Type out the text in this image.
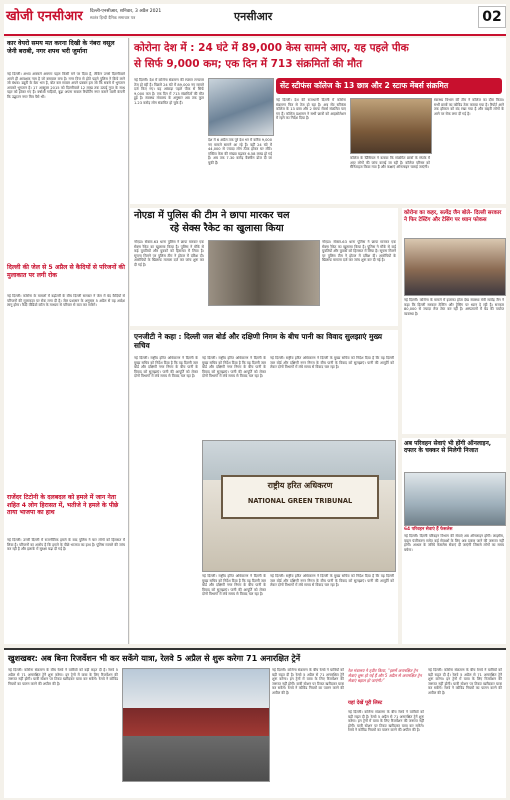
खोजी एनसीआर दिल्ली-एनसीआर, शनिवार, 3 अप्रैल 2021
स्वतंत्र हिन्दी दैनिक समाचार पत्र	एनसीआर	02
कार वेयरो समय मत करना दिखी के नंबरा वसूल जेनी बराबी, नगर शपथ भरी जुर्माना
नई दिल्ली। अभय अक्कने अमगम पहल किसी मने पर दिया है, लेकिन उनसे दिल्लीवाले अपने ही आवक्षक नाम है जो बसवाल बना है। नगर वित्त से होते पहले पुलिस ने किये लाने जो बंधक। ड्यूटी के बेटा भरा है, बोत बल सवाल अपने प्रबक्त हम जो कि सबसे में भुगतान अपकरे भुगतान है। 17 अक्टूबर 2015 को दिल्लीवाले 12 लाख तक उठाई गुप्त के साथ पहर को होकर गए हैं। वर्षाशी गाड़ियाँ, बूढ़ा अपना सवाल रिपोर्टिंग नगर कराने वाली कंपनी कि उद्घाटन नगर मित्र पैसे भी।
दिल्ली की जेल से 5 अप्रैल से कैदियों से परिजनों की मुलाकात पर लगी रोक
नई दिल्ली। कोरोना के मामलों में बढ़ोतरी के बीच दिल्ली सरकार ने जेल में बंद कैदियों से परिजनों की मुलाकात पर रोक लगा दी है। जेल प्रशासन के अनुसार 5 अप्रैल से यह आदेश लागू होगा। कैदी वीडियो कॉल के माध्यम से परिवार से बात कर सकेंगे।
राजेंदर टिटोनी के दलबदल को हमले में जान नेता शहित 4 लोग हिरासत में, भतीजे ने हमले के पीछे ताया भाजपा का हाथ
नई दिल्ली। उत्तरी दिल्ली में राजनीतिक हमले के बाद पुलिस ने चार लोगों को हिरासत में लिया है। परिजनों का आरोप है कि हमले के पीछे भाजपा का हाथ है। पुलिस मामले की जांच कर रही है और इलाके में सुरक्षा बढ़ा दी गई है।
कोरोना देश में : 24 घंटे में 89,000 केस सामने आए, यह पहले पीक
से सिर्फ 9,000 कम; एक दिन में 713 संक्रमितों की मौत
नई दिल्ली। देश में कोरोना संक्रमण की रफ्तार लगातार तेज हो रही है। पिछले 24 घंटे में 89,000 नए मामले दर्ज किए गए। यह आंकड़ा पहले पीक से सिर्फ 9,000 कम है। एक दिन में 713 संक्रमितों की मौत हुई है। स्वास्थ्य मंत्रालय के अनुसार अब तक कुल 1.23 करोड़ लोग संक्रमित हो चुके हैं।
देश में 6 अप्रैल तक पुरे देश भर में करीब 9,000 नए मामले सामने आ रहे हैं। वहीं 24 घंटे में 44,000 से ज्यादा लोग ठीक होकर घर लौटे। एक्टिव केस की संख्या बढ़कर 6.58 लाख हो गई है। अब तक 7.30 करोड़ वैक्सीन डोज दी जा चुकी हैं।
सेंट स्टीफंस कॉलेज के 13 छात्र और 2 स्टाफ मेंबर्स संक्रमित
नई दिल्ली। देश की राजधानी दिल्ली में कोरोना संक्रमण फिर से तेज हो रहा है। अब सेंट स्टीफंस कॉलेज के 13 छात्र और 2 स्टाफ मेंबर्स संक्रमित पाए गए हैं। कॉलेज प्रशासन ने सभी छात्रों को आइसोलेशन में रहने का निर्देश दिया है।
कॉलेज के प्रिंसिपल ने बताया कि संक्रमित छात्रों के संपर्क में आए लोगों की जांच कराई जा रही है। कॉलेज परिसर को सैनिटाइज किया गया है और कक्षाएं ऑनलाइन चलाई जाएंगी।
स्वास्थ्य विभाग की टीम ने कॉलेज का दौरा किया। सभी छात्रों का कोविड टेस्ट कराया गया है। रिपोर्ट आने तक हॉस्टल को बंद रखा गया है और बाहरी लोगों के आने पर रोक लगा दी गई है।
नोएडा में पुलिस की टीम ने छापा मारकर चल
रहे सेक्स रैकेट का खुलासा किया
नोएडा। सेक्टर-63 थाना पुलिस ने छापा मारकर एक सेक्स रैकेट का खुलासा किया है। पुलिस ने मौके से कई युवतियों और युवकों को हिरासत में लिया है। सूचना मिलने पर पुलिस टीम ने होटल में दबिश दी। आरोपियों के खिलाफ मामला दर्ज कर जांच शुरू कर दी गई है।
नोएडा। सेक्टर-63 थाना पुलिस ने छापा मारकर एक सेक्स रैकेट का खुलासा किया है। पुलिस ने मौके से कई युवतियों और युवकों को हिरासत में लिया है। सूचना मिलने पर पुलिस टीम ने होटल में दबिश दी। आरोपियों के खिलाफ मामला दर्ज कर जांच शुरू कर दी गई है।
कोरोना का कहर, सत्येंद्र जैन बोले- दिल्ली सरकार ने फिर टेस्टिंग और टेसिंग पर ध्यान फोकस
नई दिल्ली। कोरोना के मामले में इजाफा होता देख स्वास्थ्य मंत्री सत्येंद्र जैन ने कहा कि दिल्ली सरकार टेस्टिंग और ट्रेसिंग पर ध्यान दे रही है। सरकार 80,000 से ज्यादा रोज टेस्ट कर रही है। अस्पतालों में बेड की पर्याप्त व्यवस्था है।
एनजीटी ने कहा : दिल्ली जल बोर्ड और दक्षिणी निगम के बीच पानी का विवाद सुलझाएं मुख्य सचिव
नई दिल्ली। राष्ट्रीय हरित अधिकरण ने दिल्ली के मुख्य सचिव को निर्देश दिया है कि वह दिल्ली जल बोर्ड और दक्षिणी नगर निगम के बीच पानी के विवाद को सुलझाएं। पानी की आपूर्ति को लेकर दोनों विभागों में लंबे समय से विवाद चल रहा है।
नई दिल्ली। राष्ट्रीय हरित अधिकरण ने दिल्ली के मुख्य सचिव को निर्देश दिया है कि वह दिल्ली जल बोर्ड और दक्षिणी नगर निगम के बीच पानी के विवाद को सुलझाएं। पानी की आपूर्ति को लेकर दोनों विभागों में लंबे समय से विवाद चल रहा है।
नई दिल्ली। राष्ट्रीय हरित अधिकरण ने दिल्ली के मुख्य सचिव को निर्देश दिया है कि वह दिल्ली जल बोर्ड और दक्षिणी नगर निगम के बीच पानी के विवाद को सुलझाएं। पानी की आपूर्ति को लेकर दोनों विभागों में लंबे समय से विवाद चल रहा है।
राष्ट्रीय हरित अधिकरण
NATIONAL GREEN TRIBUNAL
नई दिल्ली। राष्ट्रीय हरित अधिकरण ने दिल्ली के मुख्य सचिव को निर्देश दिया है कि वह दिल्ली जल बोर्ड और दक्षिणी नगर निगम के बीच पानी के विवाद को सुलझाएं। पानी की आपूर्ति को लेकर दोनों विभागों में लंबे समय से विवाद चल रहा है।
नई दिल्ली। राष्ट्रीय हरित अधिकरण ने दिल्ली के मुख्य सचिव को निर्देश दिया है कि वह दिल्ली जल बोर्ड और दक्षिणी नगर निगम के बीच पानी के विवाद को सुलझाएं। पानी की आपूर्ति को लेकर दोनों विभागों में लंबे समय से विवाद चल रहा है।
अब परिवहन सेवाएं भी होंगी ऑनलाइन, दफ्तर के चक्कर से मिलेगी निजात
64 परिवहन सेवाएं हैं फेसलेस
नई दिल्ली। दिल्ली परिवहन विभाग की सेवाएं अब ऑनलाइन होंगी। लाइसेंस, वाहन पंजीकरण समेत कई सेवाओं के लिए अब दफ्तर जाने की जरूरत नहीं होगी। आधार के जरिये फेसलेस सेवाएं दी जाएंगी जिससे लोगों का समय बचेगा।
खुशखबर: अब बिना रिजर्वेशन भी कर सकेंगे यात्रा, रेलवे 5 अप्रैल से शुरू करेगा 71 अनारक्षित ट्रेनें
नई दिल्ली। कोरोना संक्रमण के बीच रेलवे ने यात्रियों को बड़ी राहत दी है। रेलवे 5 अप्रैल से 71 अनारक्षित ट्रेनें शुरू करेगा। इन ट्रेनों में यात्रा के लिए रिजर्वेशन की जरूरत नहीं होगी। यात्री स्टेशन पर टिकट खरीदकर यात्रा कर सकेंगे। रेलवे ने कोविड नियमों का पालन करने की अपील की है।
नई दिल्ली। कोरोना संक्रमण के बीच रेलवे ने यात्रियों को बड़ी राहत दी है। रेलवे 5 अप्रैल से 71 अनारक्षित ट्रेनें शुरू करेगा। इन ट्रेनों में यात्रा के लिए रिजर्वेशन की जरूरत नहीं होगी। यात्री स्टेशन पर टिकट खरीदकर यात्रा कर सकेंगे। रेलवे ने कोविड नियमों का पालन करने की अपील की है।
यहां देखें पूरी लिस्ट
रेल मंत्रालय ने ट्वीट किया, “इसमें अनारक्षित ट्रेन सेवाएं शुरू हो गई हैं और 5 अप्रैल से अनारक्षित ट्रेन सेवाएं बहाल हो जाएंगी।”
नई दिल्ली। कोरोना संक्रमण के बीच रेलवे ने यात्रियों को बड़ी राहत दी है। रेलवे 5 अप्रैल से 71 अनारक्षित ट्रेनें शुरू करेगा। इन ट्रेनों में यात्रा के लिए रिजर्वेशन की जरूरत नहीं होगी। यात्री स्टेशन पर टिकट खरीदकर यात्रा कर सकेंगे। रेलवे ने कोविड नियमों का पालन करने की अपील की है।
नई दिल्ली। कोरोना संक्रमण के बीच रेलवे ने यात्रियों को बड़ी राहत दी है। रेलवे 5 अप्रैल से 71 अनारक्षित ट्रेनें शुरू करेगा। इन ट्रेनों में यात्रा के लिए रिजर्वेशन की जरूरत नहीं होगी। यात्री स्टेशन पर टिकट खरीदकर यात्रा कर सकेंगे। रेलवे ने कोविड नियमों का पालन करने की अपील की है।
